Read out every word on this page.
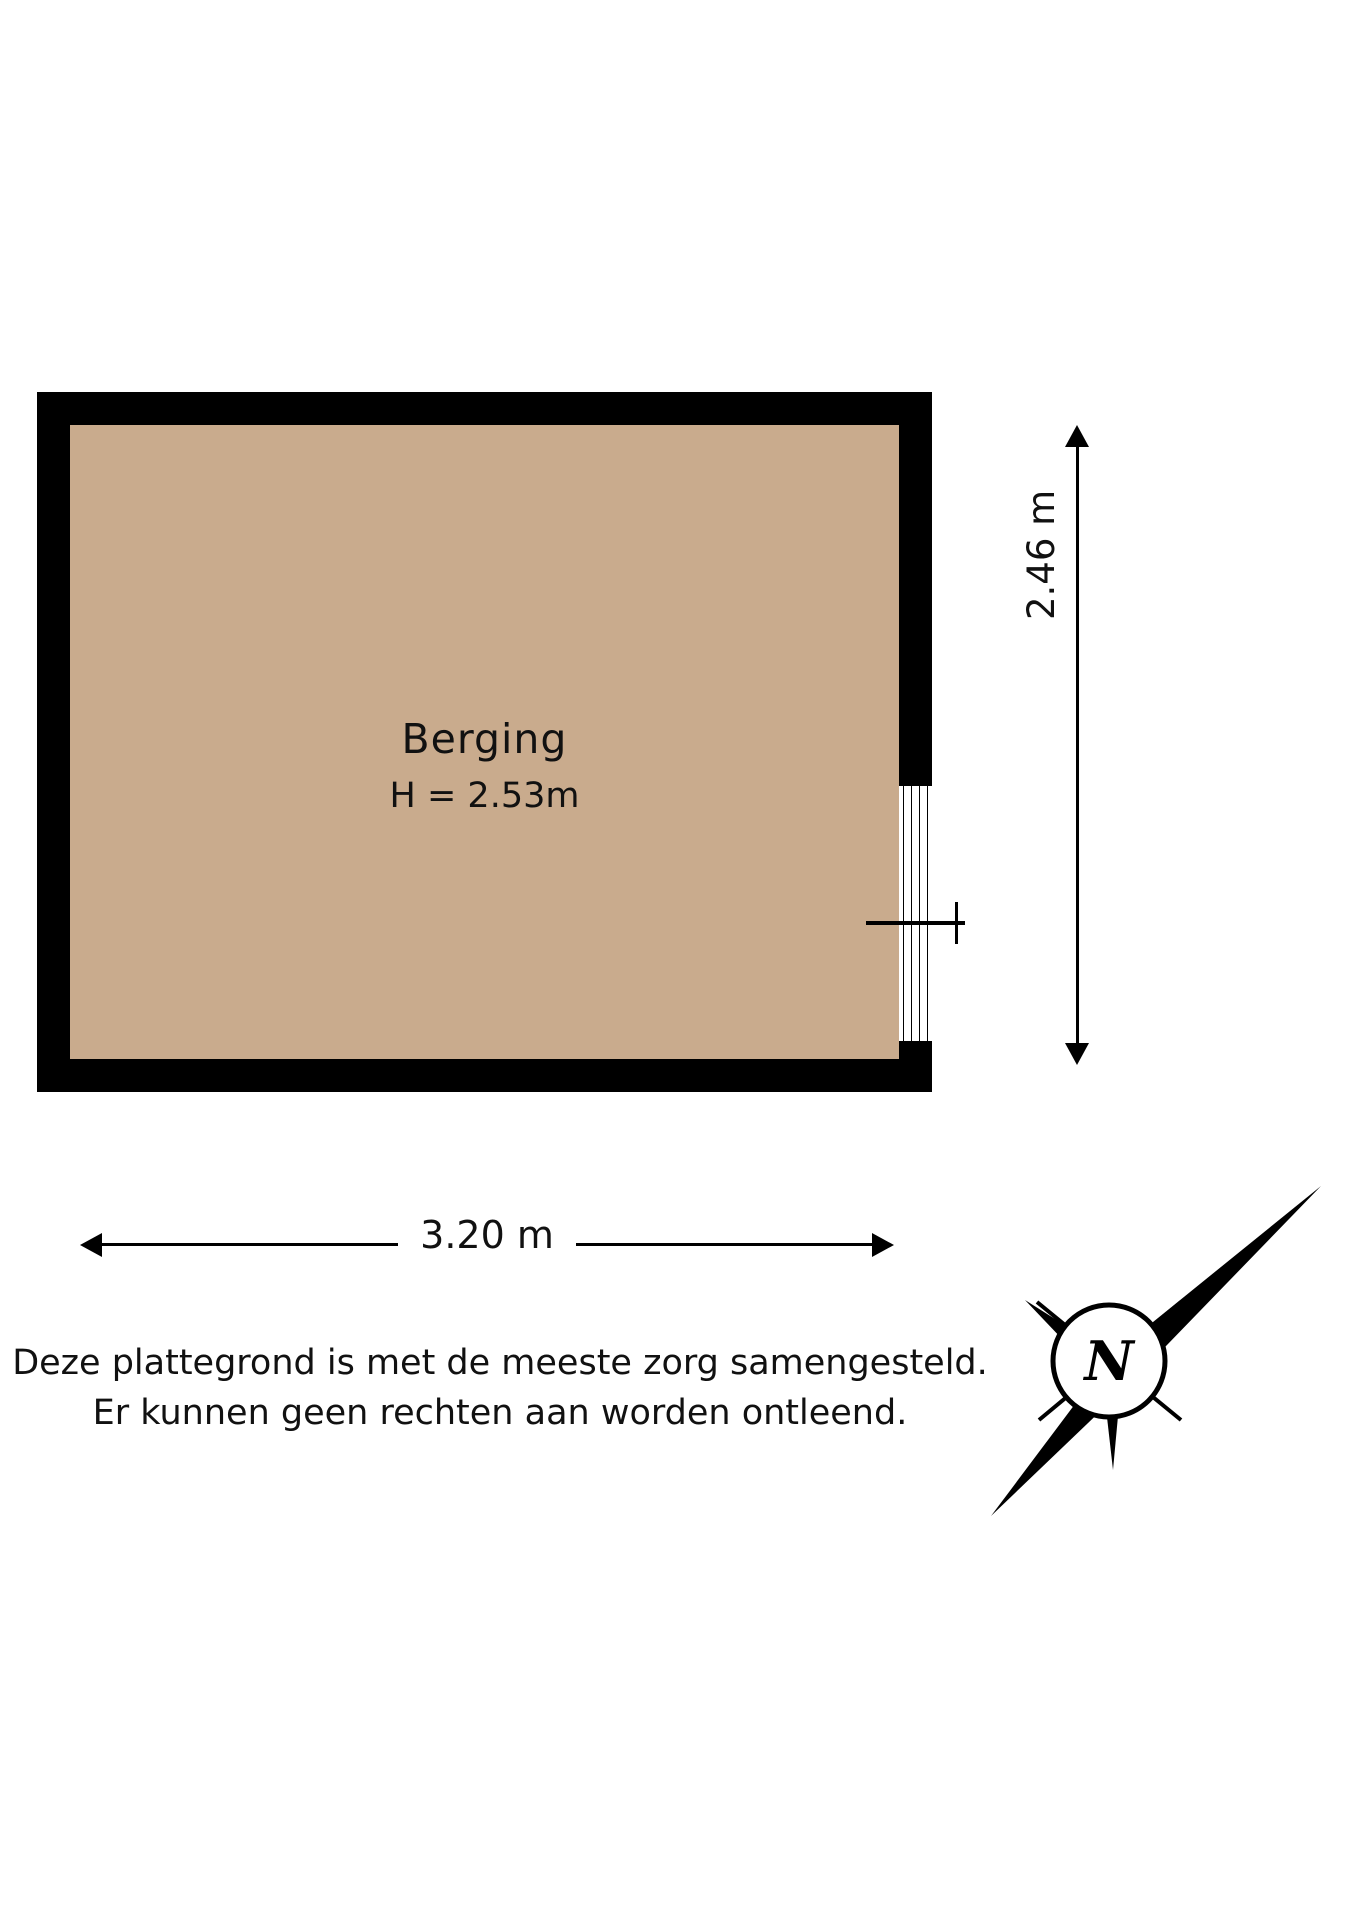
Berging
H = 2.53m
2.46 m
3.20 m
Deze plattegrond is met de meeste zorg samengesteld.
Er kunnen geen rechten aan worden ontleend.
N
